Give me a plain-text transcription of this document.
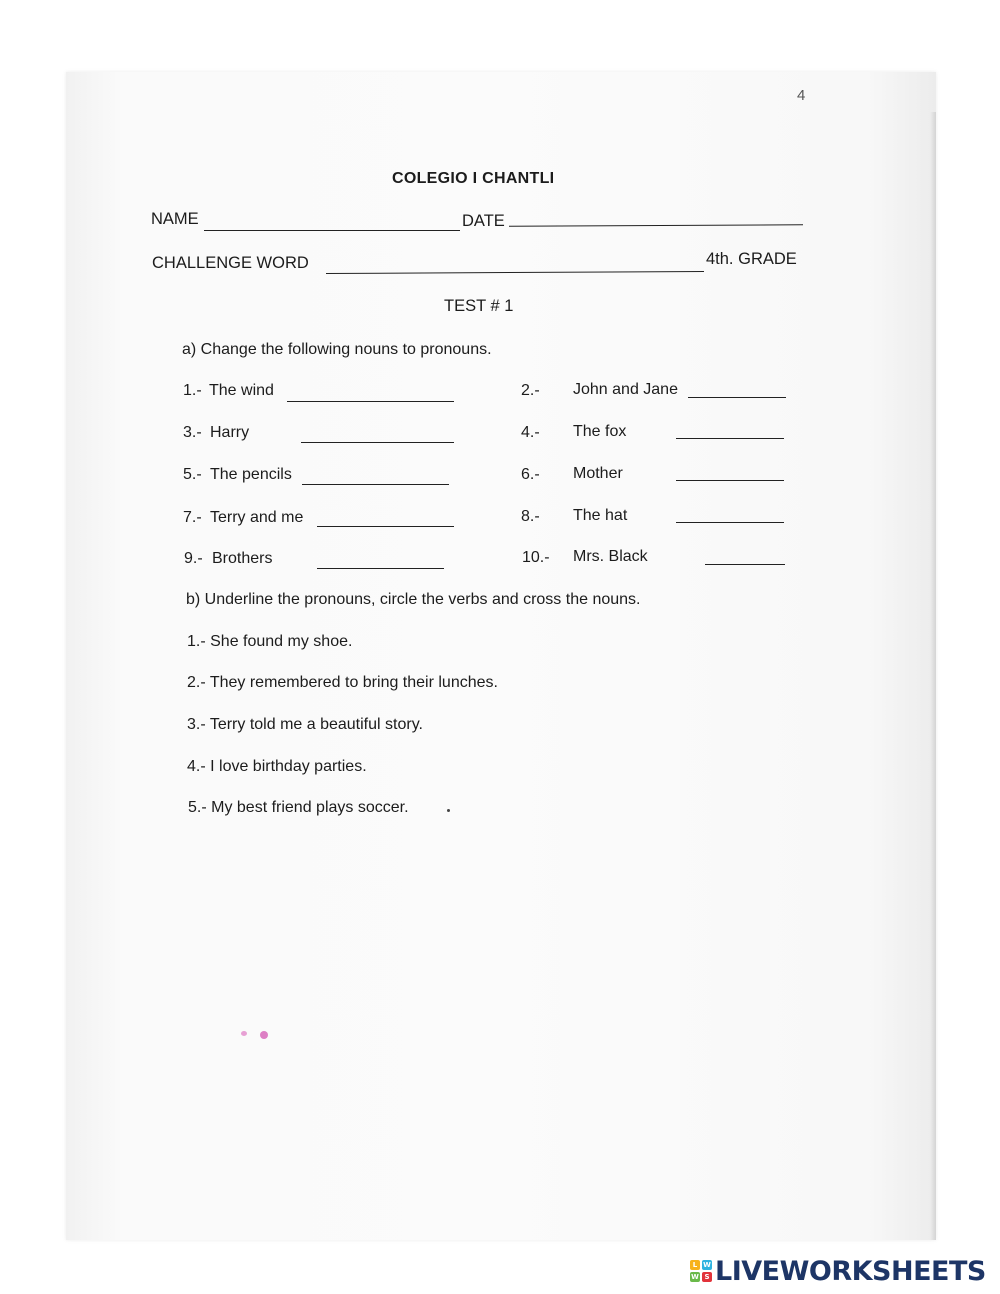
4
COLEGIO I CHANTLI
NAME	DATE
CHALLENGE WORD	4th. GRADE
TEST # 1
a) Change the following nouns to pronouns.
1.- The wind
3.- Harry
5.- The pencils
7.- Terry and me
9.- Brothers
2.- John and Jane
4.- The fox
6.- Mother
8.- The hat
10.- Mrs. Black
b) Underline the pronouns, circle the verbs and cross the nouns.
1.- She found my shoe.
2.- They remembered to bring their lunches.
3.- Terry told me a beautiful story.
4.- I love birthday parties.
5.- My best friend plays soccer.
L W
W S LIVEWORKSHEETS
